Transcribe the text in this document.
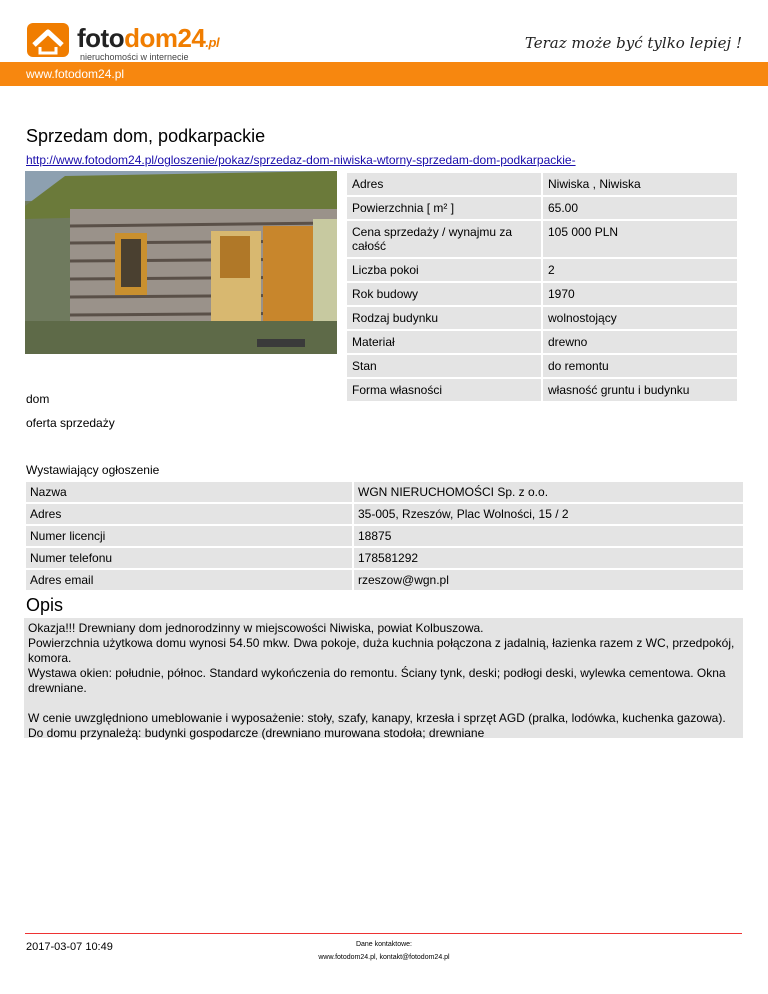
fotodom24.pl
nieruchomości w internecie
Teraz może być tylko lepiej !
www.fotodom24.pl
Sprzedam dom, podkarpackie
http://www.fotodom24.pl/ogloszenie/pokaz/sprzedaz-dom-niwiska-wtorny-sprzedam-dom-podkarpackie-
Adres	Niwiska , Niwiska
Powierzchnia [ m² ]	65.00
Cena sprzedaży / wynajmu za całość	105 000 PLN
Liczba pokoi	2
Rok budowy	1970
Rodzaj budynku	wolnostojący
Materiał	drewno
Stan	do remontu
Forma własności	własność gruntu i budynku
dom
oferta sprzedaży
Wystawiający ogłoszenie
Nazwa	WGN NIERUCHOMOŚCI Sp. z o.o.
Adres	35-005, Rzeszów, Plac Wolności, 15 / 2
Numer licencji	18875
Numer telefonu	178581292
Adres email	rzeszow@wgn.pl
Opis

Okazja!!! Drewniany dom jednorodzinny w miejscowości Niwiska, powiat Kolbuszowa.
Powierzchnia użytkowa domu wynosi 54.50 mkw. Dwa pokoje, duża kuchnia połączona z jadalnią, łazienka razem z WC, przedpokój, komora.
Wystawa okien: południe, północ. Standard wykończenia do remontu. Ściany tynk, deski; podłogi deski, wylewka cementowa. Okna drewniane.

W cenie uwzględniono umeblowanie i wyposażenie: stoły, szafy, kanapy, krzesła i sprzęt AGD (pralka, lodówka, kuchenka gazowa). Do domu przynależą: budynki gospodarcze (drewniano murowana stodoła; drewniane

2017-03-07 10:49	Dane kontaktowe:
www.fotodom24.pl, kontakt@fotodom24.pl
